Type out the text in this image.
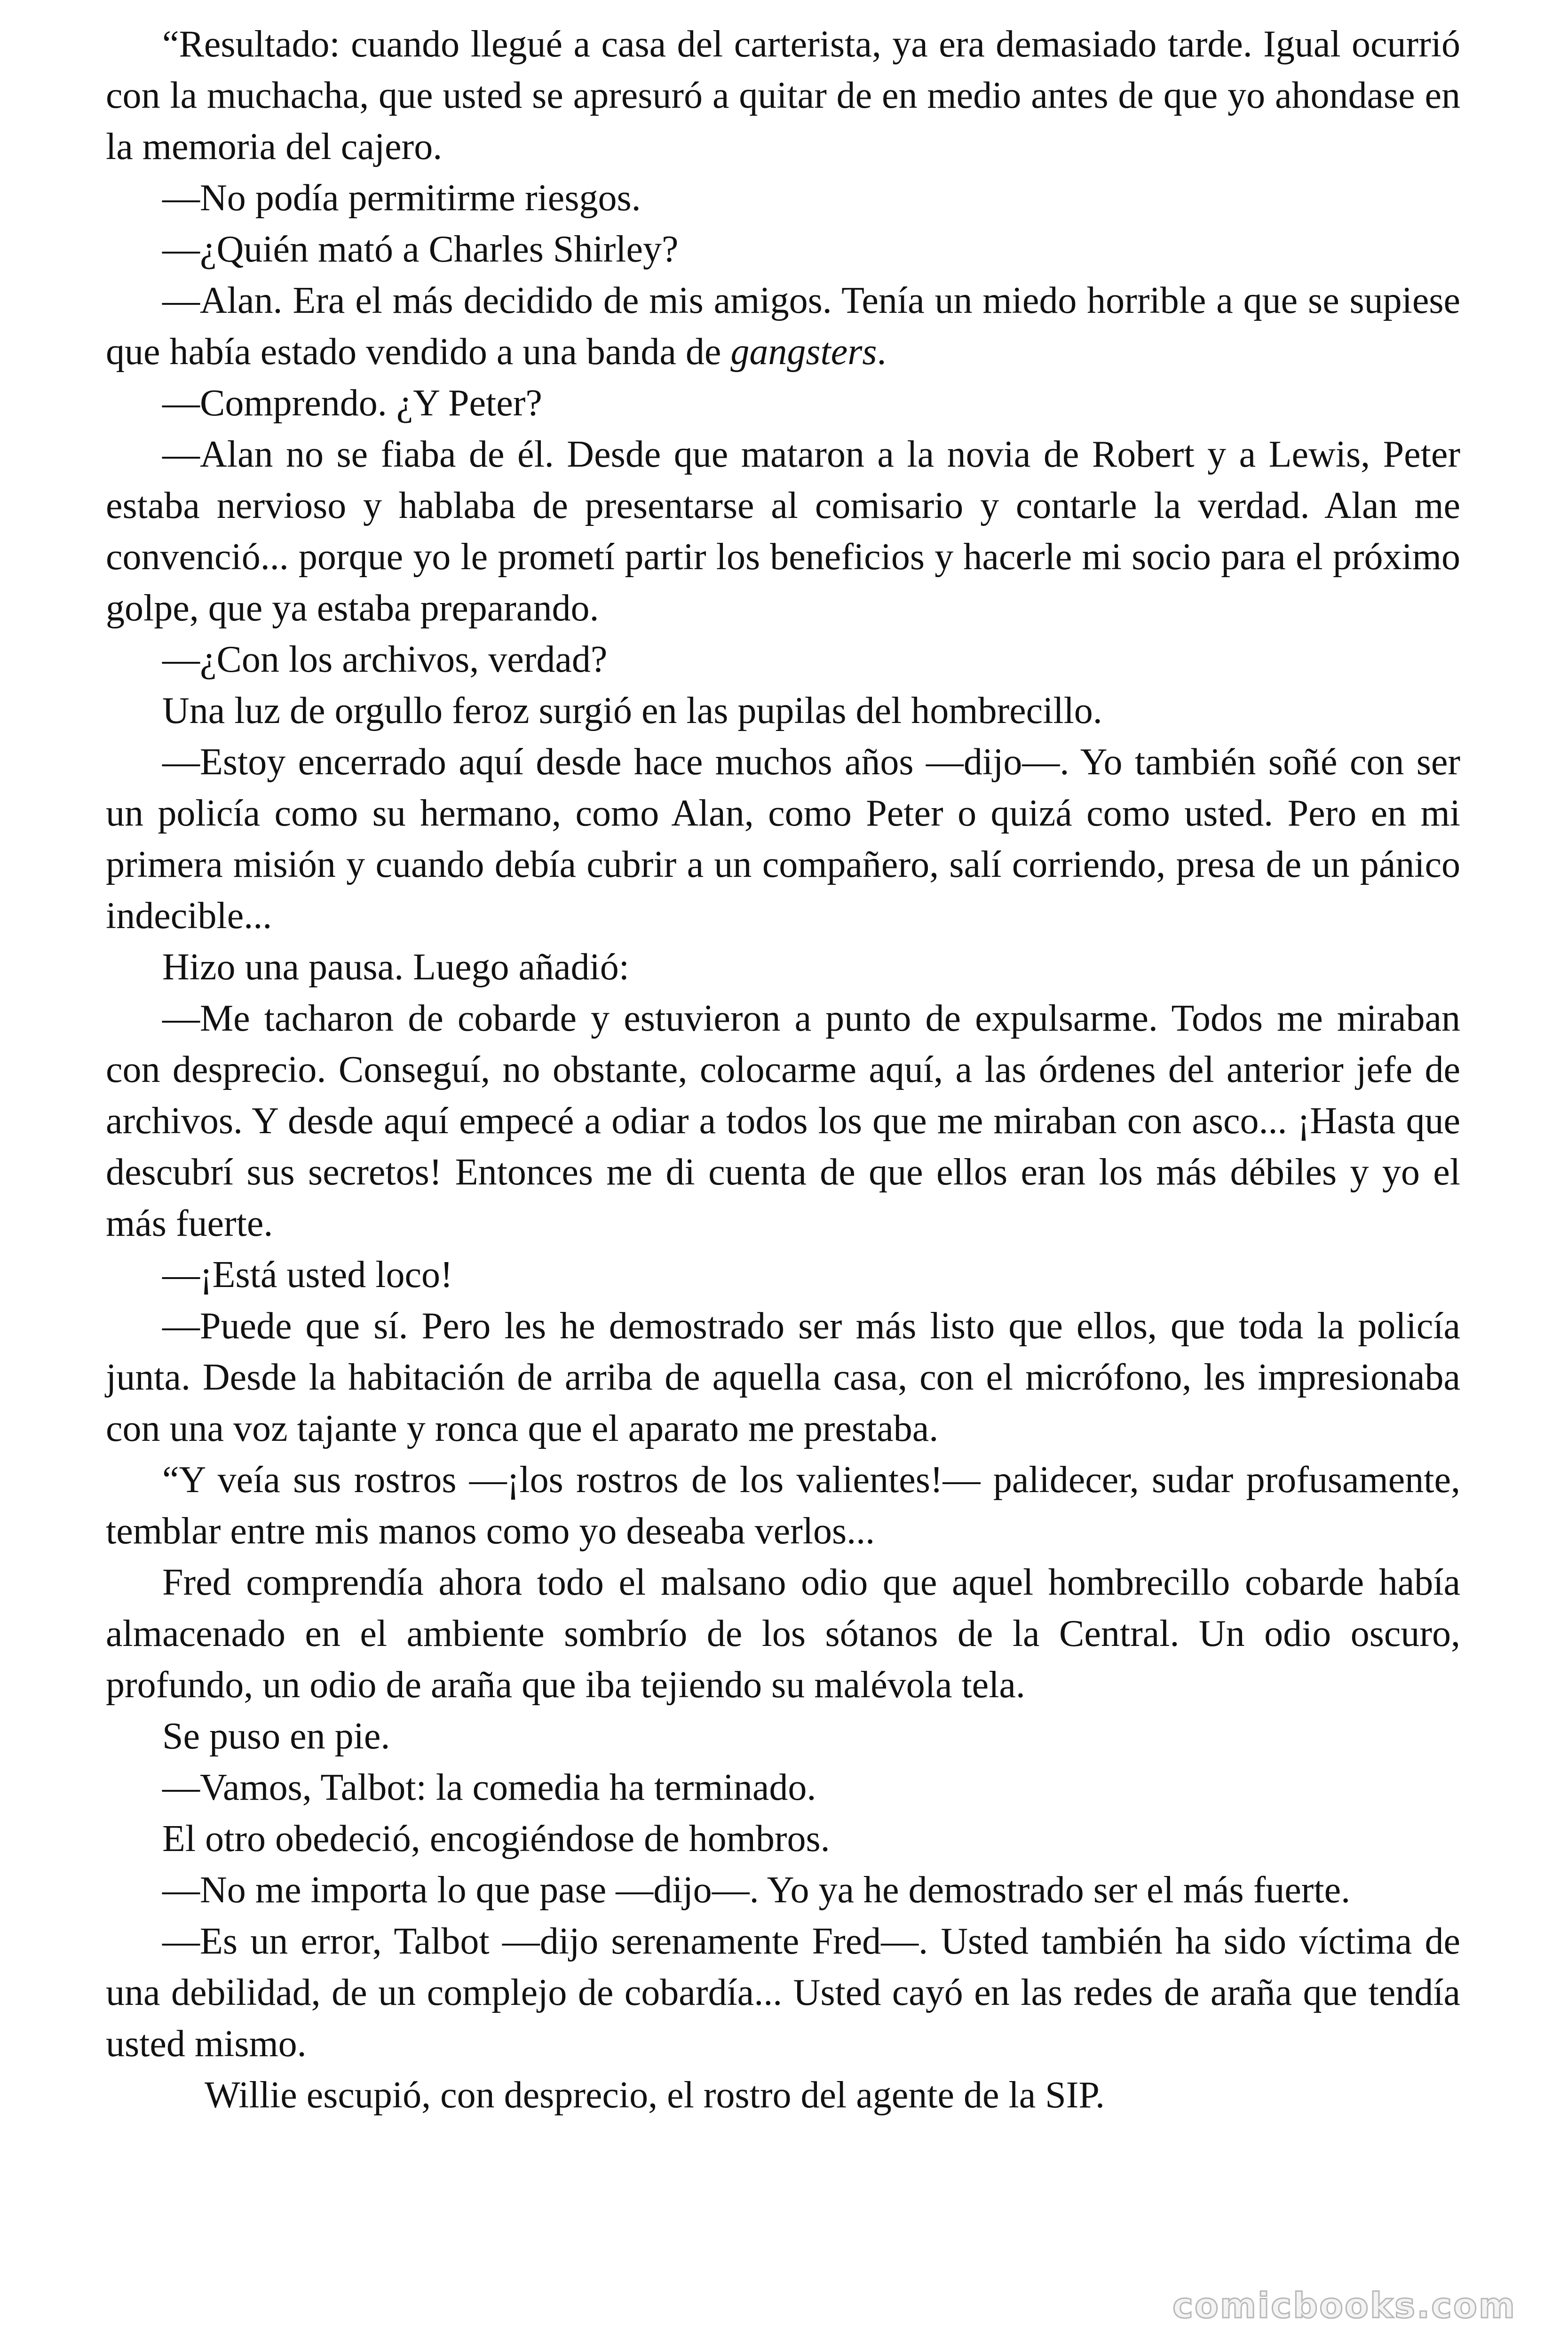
“Resultado: cuando llegué a casa del carterista, ya era demasiado tarde. Igual ocurrió con la muchacha, que usted se apresuró a quitar de en medio antes de que yo ahondase en la memoria del cajero.

—No podía permitirme riesgos.

—¿Quién mató a Charles Shirley?

—Alan. Era el más decidido de mis amigos. Tenía un miedo horrible a que se supiese que había estado vendido a una banda de gangsters.

—Comprendo. ¿Y Peter?

—Alan no se fiaba de él. Desde que mataron a la novia de Robert y a Lewis, Peter estaba nervioso y hablaba de presentarse al comisario y contarle la verdad. Alan me convenció... porque yo le prometí partir los beneficios y hacerle mi socio para el próximo golpe, que ya estaba preparando.

—¿Con los archivos, verdad?

Una luz de orgullo feroz surgió en las pupilas del hombrecillo.

—Estoy encerrado aquí desde hace muchos años —dijo—. Yo también soñé con ser un policía como su hermano, como Alan, como Peter o quizá como usted. Pero en mi primera misión y cuando debía cubrir a un compañero, salí corriendo, presa de un pánico indecible...

Hizo una pausa. Luego añadió:

—Me tacharon de cobarde y estuvieron a punto de expulsarme. Todos me miraban con desprecio. Conseguí, no obstante, colocarme aquí, a las órdenes del anterior jefe de archivos. Y desde aquí empecé a odiar a todos los que me miraban con asco... ¡Hasta que descubrí sus secretos! Entonces me di cuenta de que ellos eran los más débiles y yo el más fuerte.

—¡Está usted loco!

—Puede que sí. Pero les he demostrado ser más listo que ellos, que toda la policía junta. Desde la habitación de arriba de aquella casa, con el micrófono, les impresionaba con una voz tajante y ronca que el aparato me prestaba.

“Y veía sus rostros —¡los rostros de los valientes!— palidecer, sudar profusamente, temblar entre mis manos como yo deseaba verlos...

Fred comprendía ahora todo el malsano odio que aquel hombrecillo cobarde había almacenado en el ambiente sombrío de los sótanos de la Central. Un odio oscuro, profundo, un odio de araña que iba tejiendo su malévola tela.

Se puso en pie.

—Vamos, Talbot: la comedia ha terminado.

El otro obedeció, encogiéndose de hombros.

—No me importa lo que pase —dijo—. Yo ya he demostrado ser el más fuerte.

—Es un error, Talbot —dijo serenamente Fred—. Usted también ha sido víctima de una debilidad, de un complejo de cobardía... Usted cayó en las redes de araña que tendía usted mismo.

Willie escupió, con desprecio, el rostro del agente de la SIP.

comicbooks.com
